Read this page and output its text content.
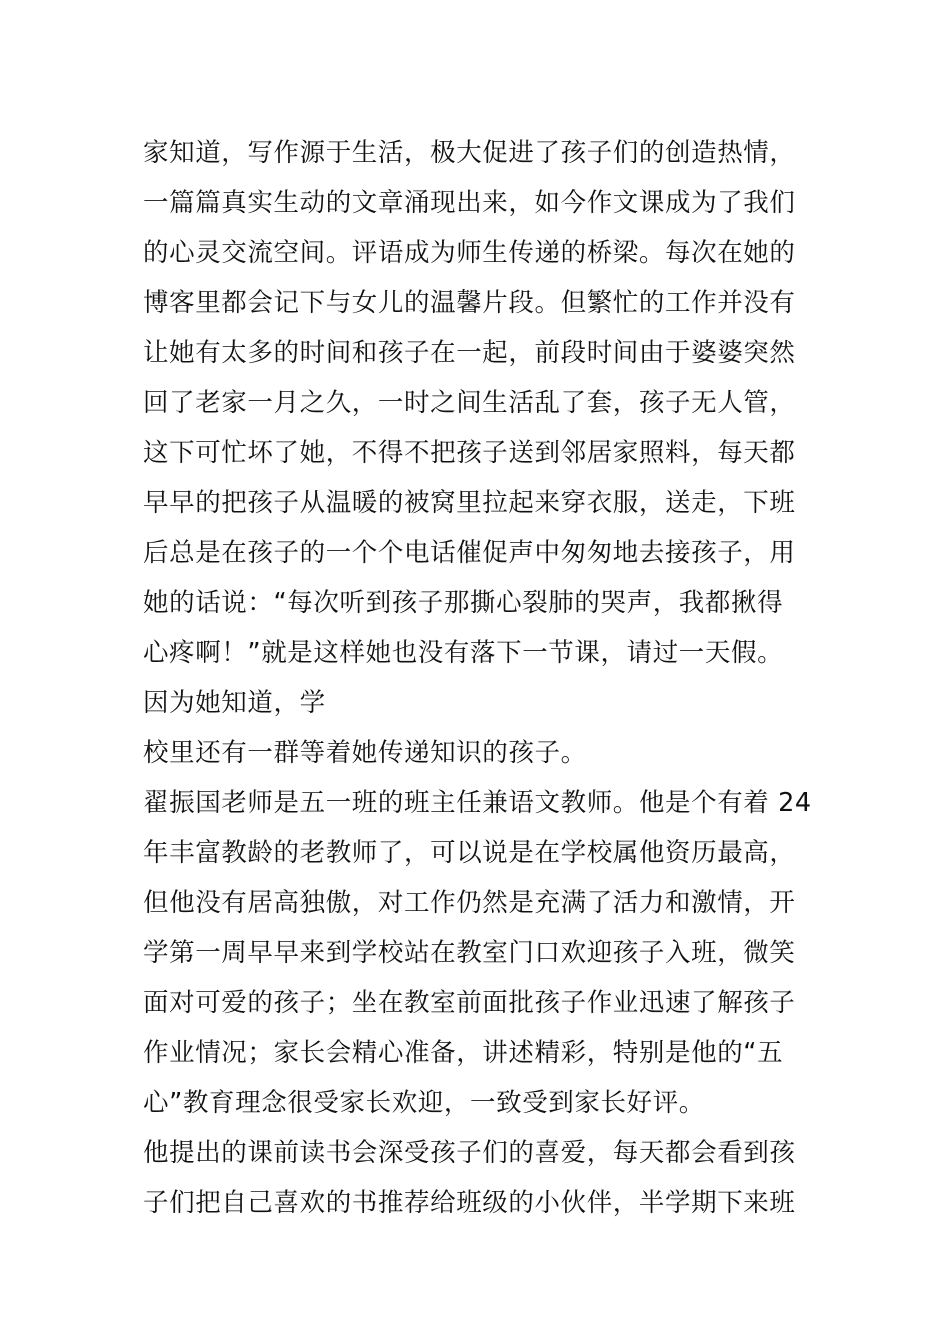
家知道，写作源于生活，极大促进了孩子们的创造热情，
一篇篇真实生动的文章涌现出来，如今作文课成为了我们
的心灵交流空间。评语成为师生传递的桥梁。每次在她的
博客里都会记下与女儿的温馨片段。但繁忙的工作并没有
让她有太多的时间和孩子在一起，前段时间由于婆婆突然
回了老家一月之久，一时之间生活乱了套，孩子无人管，
这下可忙坏了她，不得不把孩子送到邻居家照料，每天都
早早的把孩子从温暖的被窝里拉起来穿衣服，送走，下班
后总是在孩子的一个个电话催促声中匆匆地去接孩子，用
她的话说：“每次听到孩子那撕心裂肺的哭声，我都揪得
心疼啊！”就是这样她也没有落下一节课，请过一天假。
因为她知道，学
校里还有一群等着她传递知识的孩子。
翟振国老师是五一班的班主任兼语文教师。他是个有着 24
年丰富教龄的老教师了，可以说是在学校属他资历最高，
但他没有居高独傲，对工作仍然是充满了活力和激情，开
学第一周早早来到学校站在教室门口欢迎孩子入班，微笑
面对可爱的孩子；坐在教室前面批孩子作业迅速了解孩子
作业情况；家长会精心准备，讲述精彩，特别是他的“五
心”教育理念很受家长欢迎，一致受到家长好评。
他提出的课前读书会深受孩子们的喜爱，每天都会看到孩
子们把自己喜欢的书推荐给班级的小伙伴，半学期下来班
